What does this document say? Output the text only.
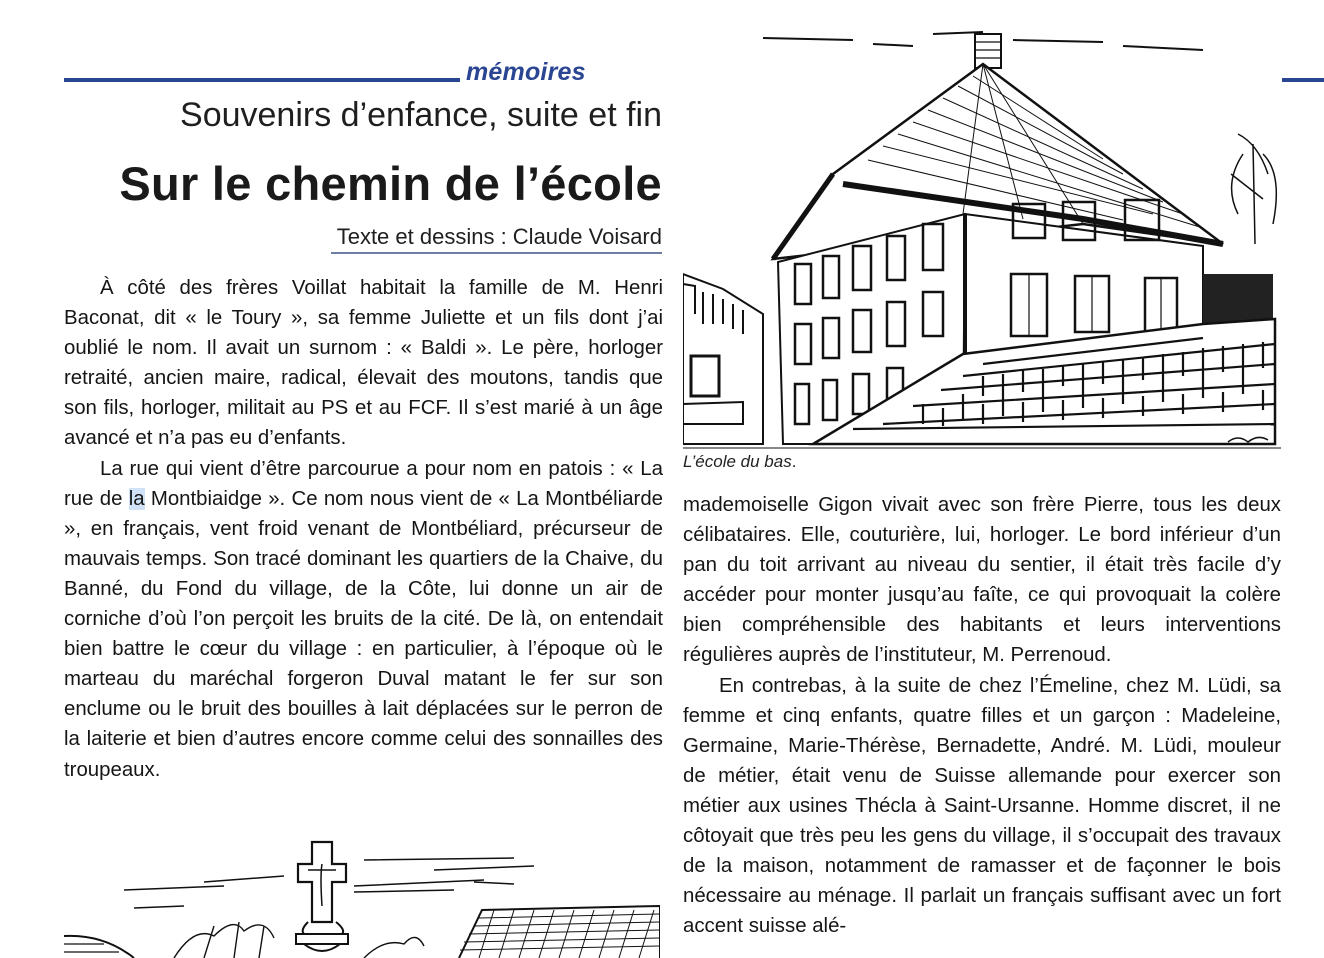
mémoires
Souvenirs d’enfance, suite et fin
Sur le chemin de l’école
Texte et dessins : Claude Voisard

À côté des frères Voillat habitait la famille de M. Henri Baconat, dit « le Toury », sa femme Juliette et un fils dont j’ai oublié le nom. Il avait un surnom : « Baldi ». Le père, horloger retraité, ancien maire, radical, élevait des moutons, tandis que son fils, horloger, militait au PS et au FCF. Il s’est marié à un âge avancé et n’a pas eu d’enfants.

La rue qui vient d’être parcourue a pour nom en patois : « La rue de la Montbiaidge ». Ce nom nous vient de « La Montbéliarde », en français, vent froid venant de Montbéliard, précurseur de mauvais temps. Son tracé dominant les quartiers de la Chaive, du Banné, du Fond du village, de la Côte, lui donne un air de corniche d’où l’on perçoit les bruits de la cité. De là, on entendait bien battre le cœur du village : en particulier, à l’époque où le marteau du maréchal forgeron Duval matant le fer sur son enclume ou le bruit des bouilles à lait déplacées sur le perron de la laiterie et bien d’autres encore comme celui des sonnailles des troupeaux.

L’école du bas.

mademoiselle Gigon vivait avec son frère Pierre, tous les deux célibataires. Elle, couturière, lui, horloger. Le bord inférieur d’un pan du toit arrivant au niveau du sentier, il était très facile d’y accéder pour monter jusqu’au faîte, ce qui provoquait la colère bien compréhensible des habitants et leurs interventions régulières auprès de l’instituteur, M. Perrenoud.

En contrebas, à la suite de chez l’Émeline, chez M. Lüdi, sa femme et cinq enfants, quatre filles et un garçon : Madeleine, Germaine, Marie-Thérèse, Bernadette, André. M. Lüdi, mouleur de métier, était venu de Suisse allemande pour exercer son métier aux usines Thécla à Saint-Ursanne. Homme discret, il ne côtoyait que très peu les gens du village, il s’occupait des travaux de la maison, notamment de ramasser et de façonner le bois nécessaire au ménage. Il parlait un français suffisant avec un fort accent suisse alé-
